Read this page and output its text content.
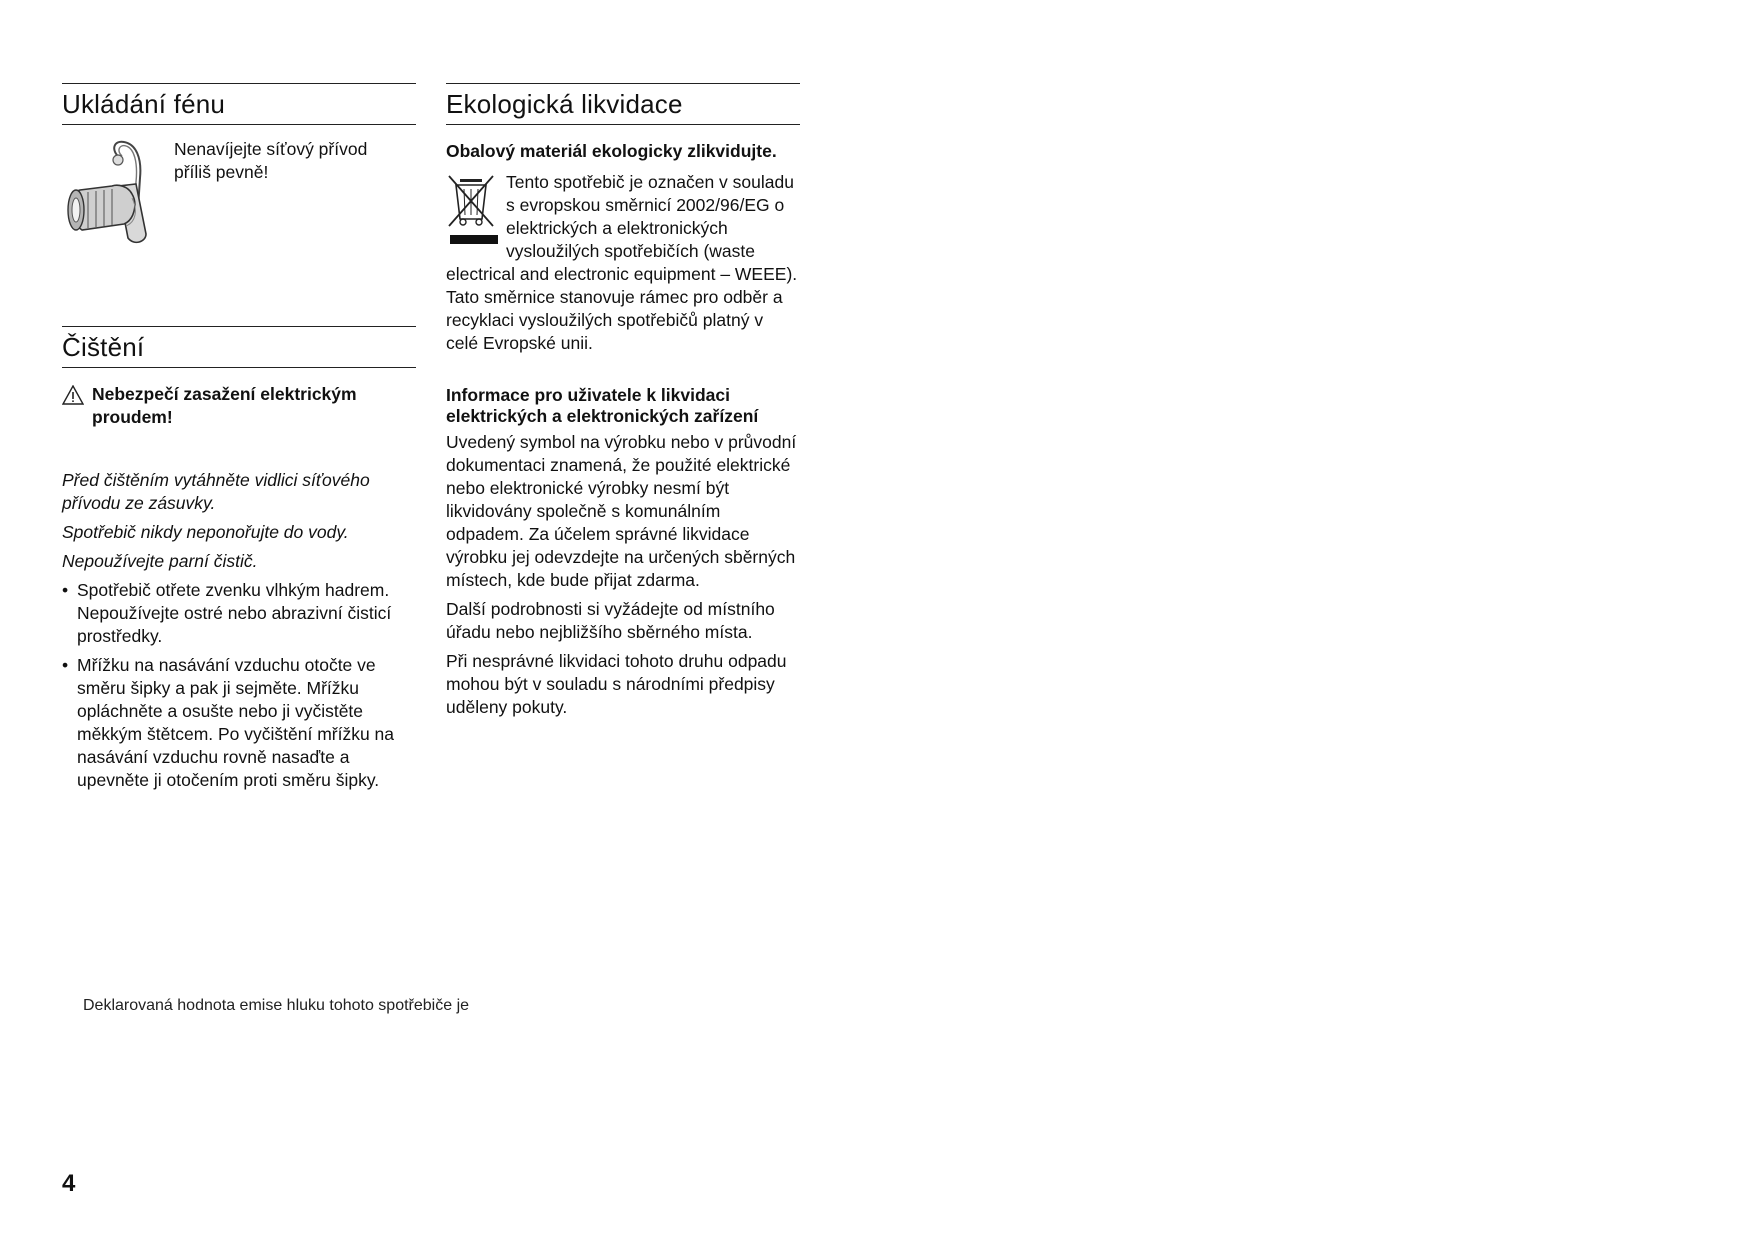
Ukládání fénu

Nenavíjejte síťový přívod příliš pevně!

Čištění

Nebezpečí zasažení elektrickým proudem!

Před čištěním vytáhněte vidlici síťového přívodu ze zásuvky.

Spotřebič nikdy neponořujte do vody.

Nepoužívejte parní čistič.

• Spotřebič otřete zvenku vlhkým hadrem. Nepoužívejte ostré nebo abrazivní čisticí prostředky.
• Mřížku na nasávání vzduchu otočte ve směru šipky a pak ji sejměte. Mřížku opláchněte a osušte nebo ji vyčistěte měkkým štětcem. Po vyčištění mřížku na nasávání vzduchu rovně nasaďte a upevněte ji otočením proti směru šipky.
Ekologická likvidace

Obalový materiál ekologicky zlikvidujte.

Tento spotřebič je označen v souladu s evropskou směrnicí 2002/96/EG o elektrických a elektronických vysloužilých spotřebičích (waste electrical and electronic equipment – WEEE). Tato směrnice stanovuje rámec pro odběr a recyklaci vysloužilých spotřebičů platný v celé Evropské unii.

Informace pro uživatele k likvidaci elektrických a elektronických zařízení

Uvedený symbol na výrobku nebo v průvodní dokumentaci znamená, že použité elektrické nebo elektronické výrobky nesmí být likvidovány společně s komunálním odpadem. Za účelem správné likvidace výrobku jej odevzdejte na určených sběrných místech, kde bude přijat zdarma.

Další podrobnosti si vyžádejte od místního úřadu nebo nejbližšího sběrného místa.

Při nesprávné likvidaci tohoto druhu odpadu mohou být v souladu s národními předpisy uděleny pokuty.

Deklarovaná hodnota emise hluku tohoto spotřebiče je
4
